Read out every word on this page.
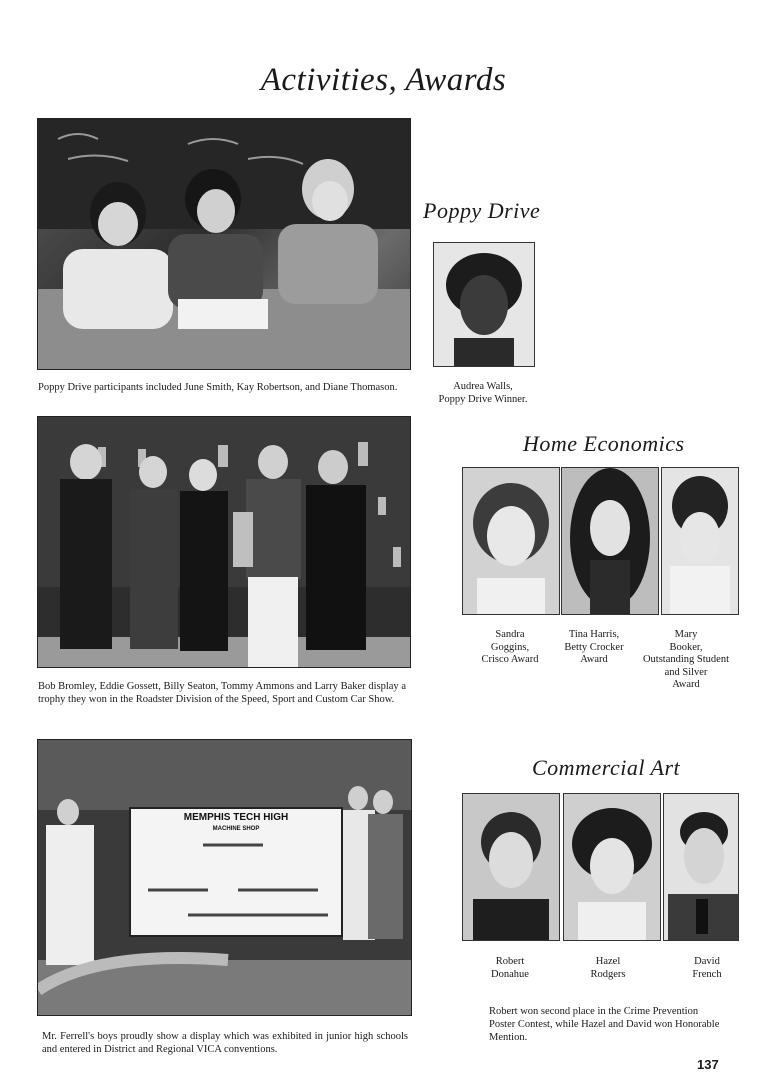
Activities, Awards
Poppy Drive
Poppy Drive participants included June Smith, Kay Robertson, and Diane Thomason.	Audrea Walls,
Poppy Drive Winner.
Bob Bromley, Eddie Gossett, Billy Seaton, Tommy Ammons and Larry Baker display a trophy they won in the Roadster Division of the Speed, Sport and Custom Car Show.
Home Economics
Sandra
Goggins,
Crisco Award
Tina Harris,
Betty Crocker
Award
Mary
Booker,
Outstanding Student
and Silver
Award
MEMPHIS TECH HIGH
MACHINE SHOP
Mr. Ferrell's boys proudly show a display which was exhibited in junior high schools and entered in District and Regional VICA conventions.
Commercial Art
Robert
Donahue
Hazel
Rodgers
David
French
Robert won second place in the Crime Prevention Poster Contest, while Hazel and David won Honorable Mention.
137
